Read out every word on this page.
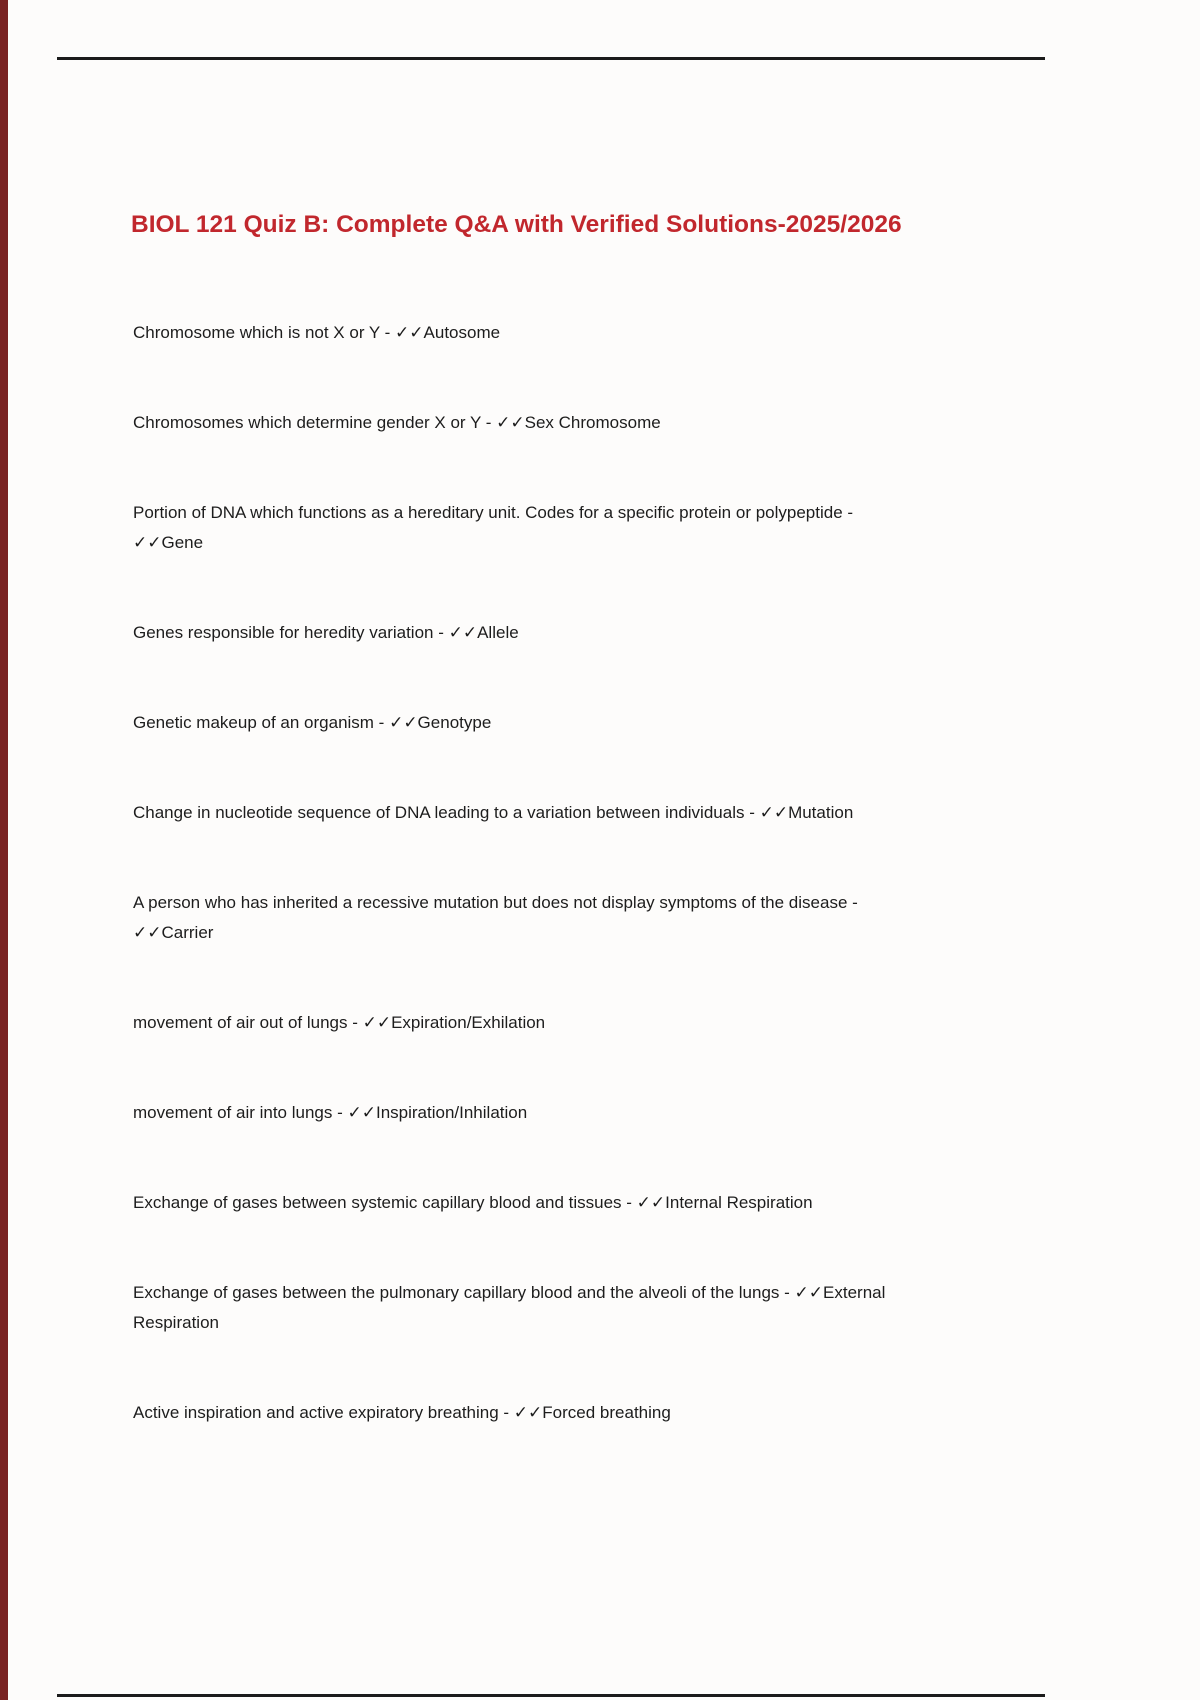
BIOL 121 Quiz B: Complete Q&A with Verified Solutions-2025/2026

Chromosome which is not X or Y - ✓✓Autosome

Chromosomes which determine gender X or Y - ✓✓Sex Chromosome

Portion of DNA which functions as a hereditary unit. Codes for a specific protein or polypeptide -
✓✓Gene

Genes responsible for heredity variation - ✓✓Allele

Genetic makeup of an organism - ✓✓Genotype

Change in nucleotide sequence of DNA leading to a variation between individuals - ✓✓Mutation

A person who has inherited a recessive mutation but does not display symptoms of the disease -
✓✓Carrier

movement of air out of lungs - ✓✓Expiration/Exhilation

movement of air into lungs - ✓✓Inspiration/Inhilation

Exchange of gases between systemic capillary blood and tissues - ✓✓Internal Respiration

Exchange of gases between the pulmonary capillary blood and the alveoli of the lungs - ✓✓External
Respiration

Active inspiration and active expiratory breathing - ✓✓Forced breathing
